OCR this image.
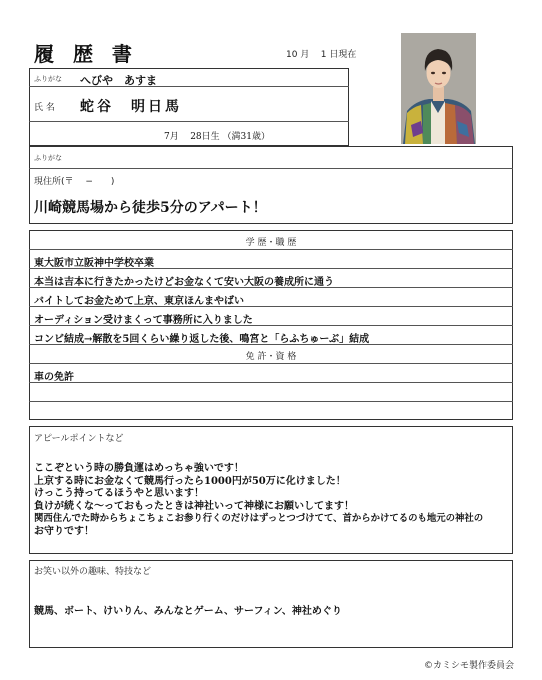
履 歴 書	10 月 1 日現在
ふりがな へびや　あすま
氏 名 蛇谷　明日馬
7月 28日生 （満31歳）
ふりがな
現住所(〒　 −　　)
川崎競馬場から徒歩5分のアパート！
学 歴・職 歴
東大阪市立阪神中学校卒業
本当は吉本に行きたかったけどお金なくて安い大阪の養成所に通う
バイトしてお金ためて上京、東京ほんまやばい
オーディション受けまくって事務所に入りました
コンビ結成→解散を5回くらい繰り返した後、鳴宮と「らふちゅーぶ」結成
免 許・資 格
車の免許
アピールポイントなど
ここぞという時の勝負運はめっちゃ強いです！
上京する時にお金なくて競馬行ったら1000円が50万に化けました！
けっこう持ってるほうやと思います！
負けが続くな〜っておもったときは神社いって神様にお願いしてます！
関西住んでた時からちょこちょこお参り行くのだけはずっとつづけてて、首からかけてるのも地元の神社の
お守りです！
お笑い以外の趣味、特技など
競馬、ボート、けいりん、みんなとゲーム、サーフィン、神社めぐり
©カミシモ製作委員会
